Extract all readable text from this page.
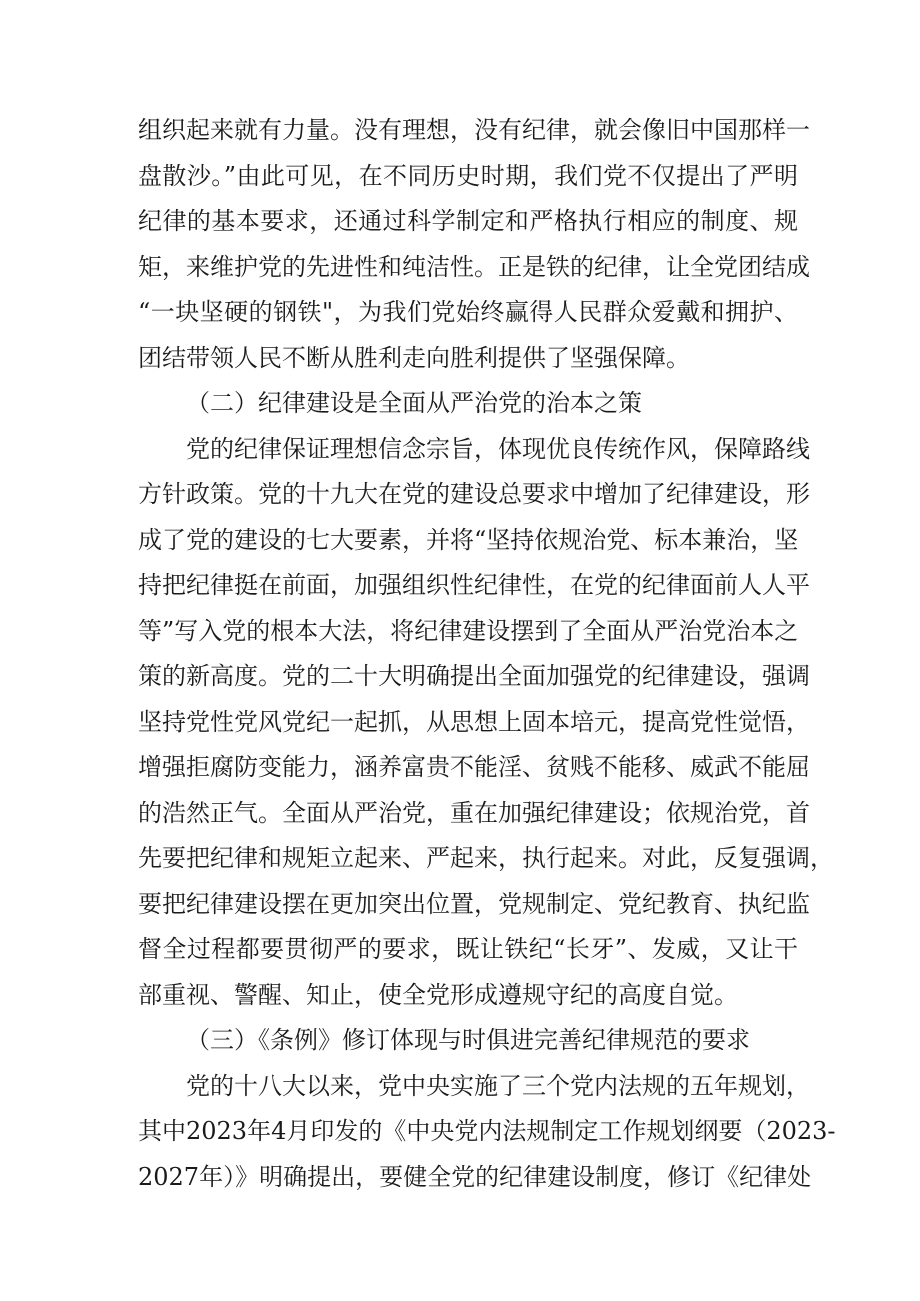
组织起来就有力量。没有理想，没有纪律，就会像旧中国那样一
盘散沙。”由此可见，在不同历史时期，我们党不仅提出了严明
纪律的基本要求，还通过科学制定和严格执行相应的制度、规
矩，来维护党的先进性和纯洁性。正是铁的纪律，让全党团结成
“一块坚硬的钢铁"，为我们党始终赢得人民群众爱戴和拥护、
团结带领人民不断从胜利走向胜利提供了坚强保障。
（二）纪律建设是全面从严治党的治本之策
党的纪律保证理想信念宗旨，体现优良传统作风，保障路线
方针政策。党的十九大在党的建设总要求中增加了纪律建设，形
成了党的建设的七大要素，并将“坚持依规治党、标本兼治，坚
持把纪律挺在前面，加强组织性纪律性，在党的纪律面前人人平
等”写入党的根本大法，将纪律建设摆到了全面从严治党治本之
策的新高度。党的二十大明确提出全面加强党的纪律建设，强调
坚持党性党风党纪一起抓，从思想上固本培元，提高党性觉悟，
增强拒腐防变能力，涵养富贵不能淫、贫贱不能移、威武不能屈
的浩然正气。全面从严治党，重在加强纪律建设；依规治党，首
先要把纪律和规矩立起来、严起来，执行起来。对此，反复强调，
要把纪律建设摆在更加突出位置，党规制定、党纪教育、执纪监
督全过程都要贯彻严的要求，既让铁纪“长牙”、发威，又让干
部重视、警醒、知止，使全党形成遵规守纪的高度自觉。
（三）《条例》修订体现与时俱进完善纪律规范的要求
党的十八大以来，党中央实施了三个党内法规的五年规划，
其中2023年4月印发的《中央党内法规制定工作规划纲要（2023-
2027年）》明确提出，要健全党的纪律建设制度，修订《纪律处
